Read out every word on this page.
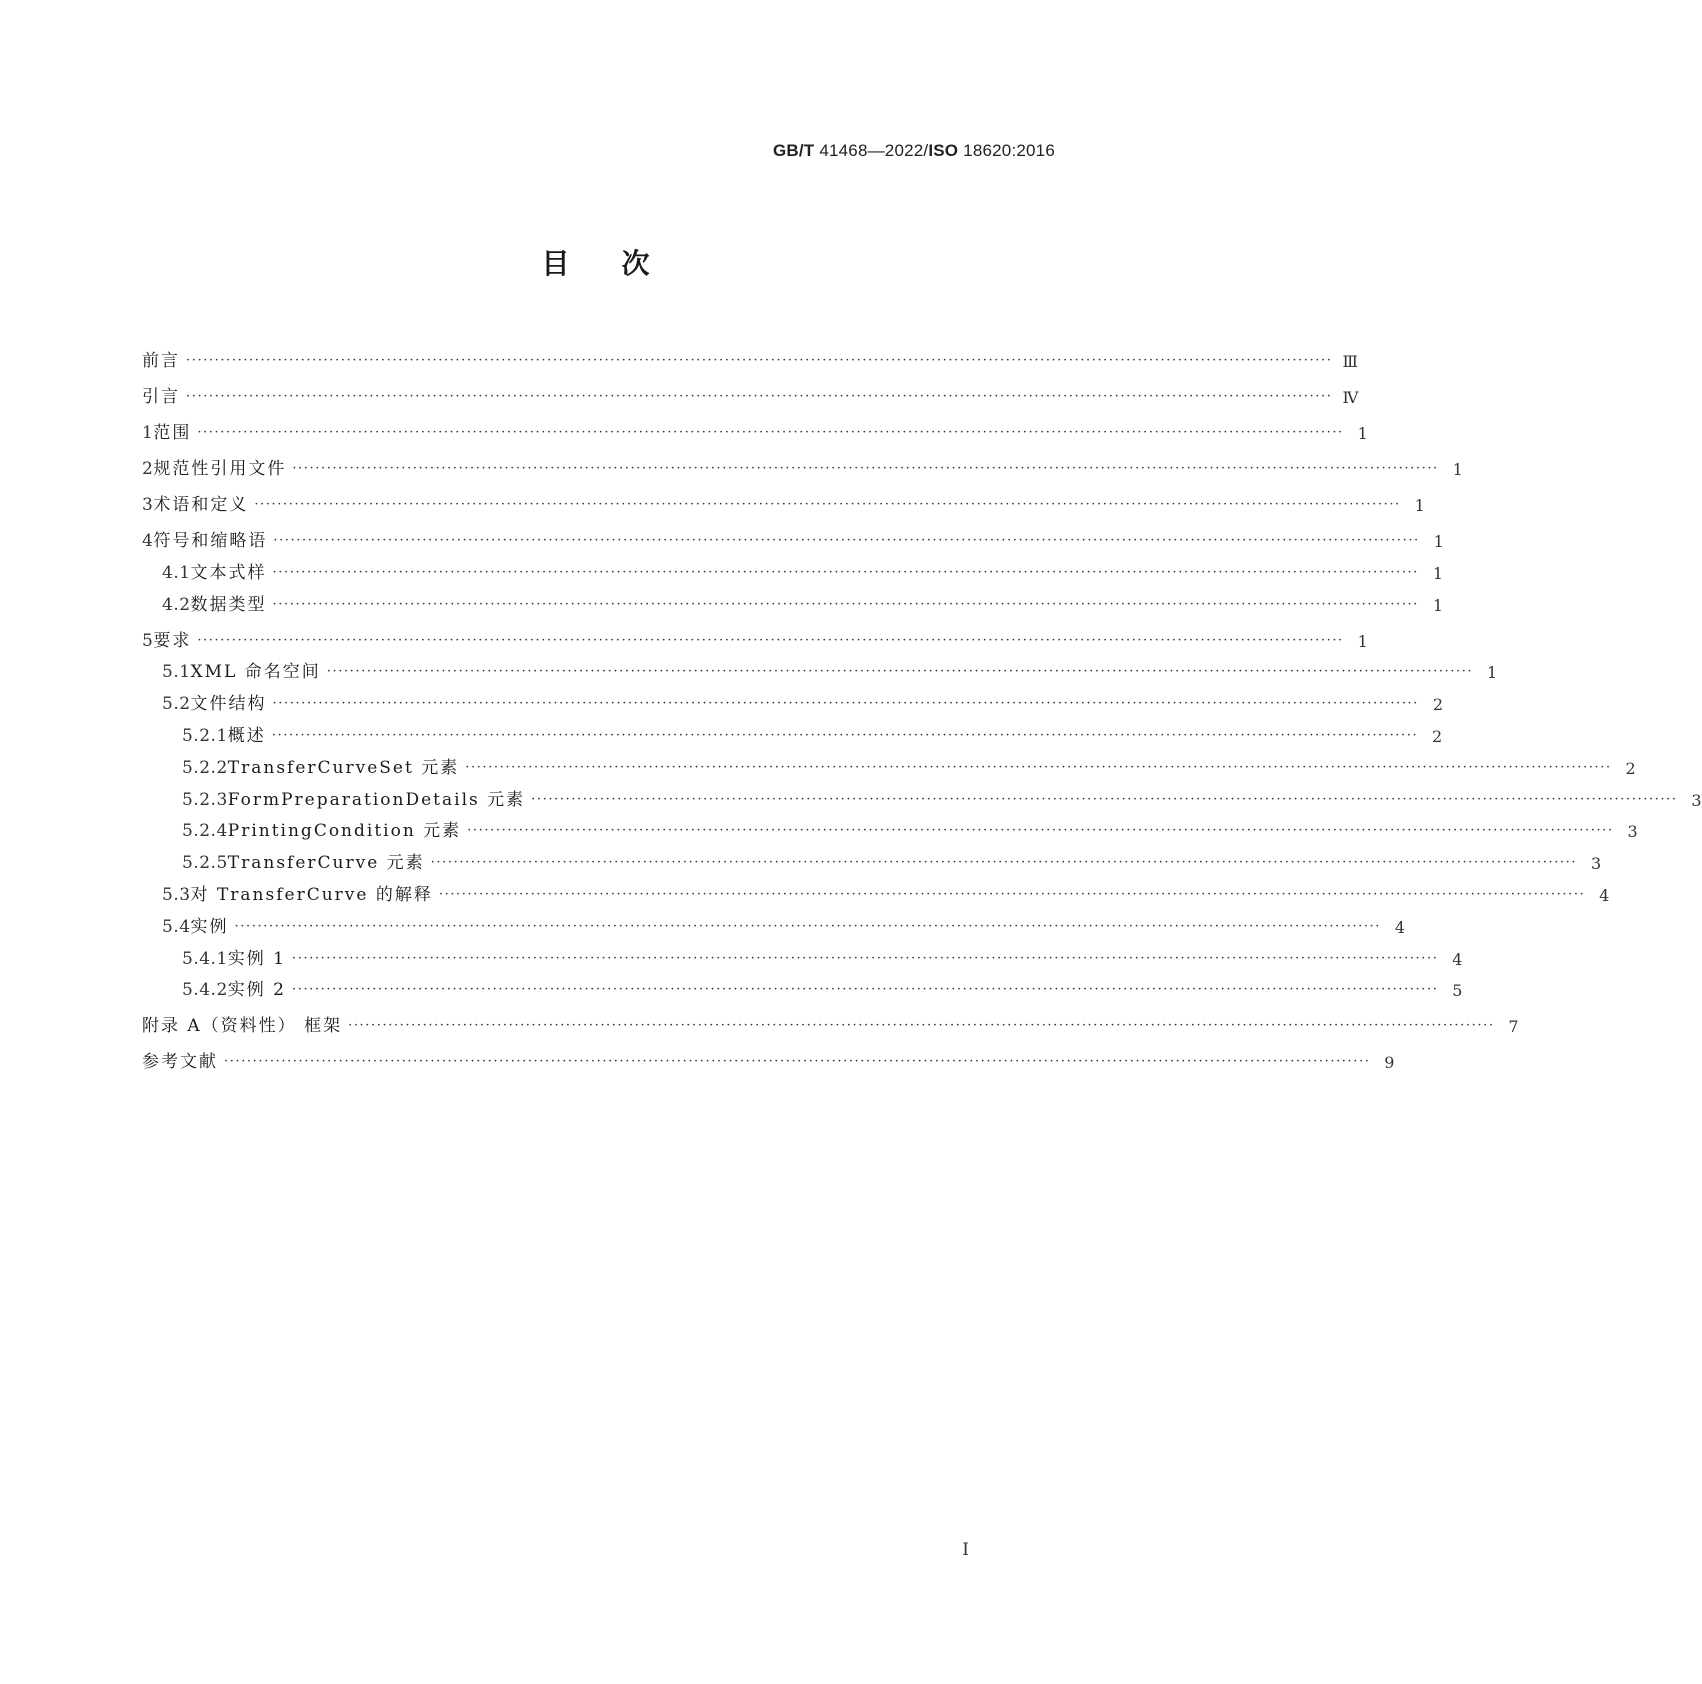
GB/T 41468—2022/ISO 18620:2016
目次
前言 ········································································································································································································ Ⅲ
引言 ········································································································································································································ Ⅳ
1 范围 ········································································································································································································ 1
2 规范性引用文件 ········································································································································································································ 1
3 术语和定义 ········································································································································································································ 1
4 符号和缩略语 ········································································································································································································ 1
4.1 文本式样 ········································································································································································································ 1
4.2 数据类型 ········································································································································································································ 1
5 要求 ········································································································································································································ 1
5.1 XML 命名空间 ········································································································································································································ 1
5.2 文件结构 ········································································································································································································ 2
5.2.1 概述 ········································································································································································································ 2
5.2.2 TransferCurveSet 元素 ········································································································································································································ 2
5.2.3 FormPreparationDetails 元素 ········································································································································································································ 3
5.2.4 PrintingCondition 元素 ········································································································································································································ 3
5.2.5 TransferCurve 元素 ········································································································································································································ 3
5.3 对 TransferCurve 的解释 ········································································································································································································ 4
5.4 实例 ········································································································································································································ 4
5.4.1 实例 1 ········································································································································································································ 4
5.4.2 实例 2 ········································································································································································································ 5
附录 A（资料性） 框架 ········································································································································································································ 7
参考文献 ········································································································································································································ 9
Ⅰ
